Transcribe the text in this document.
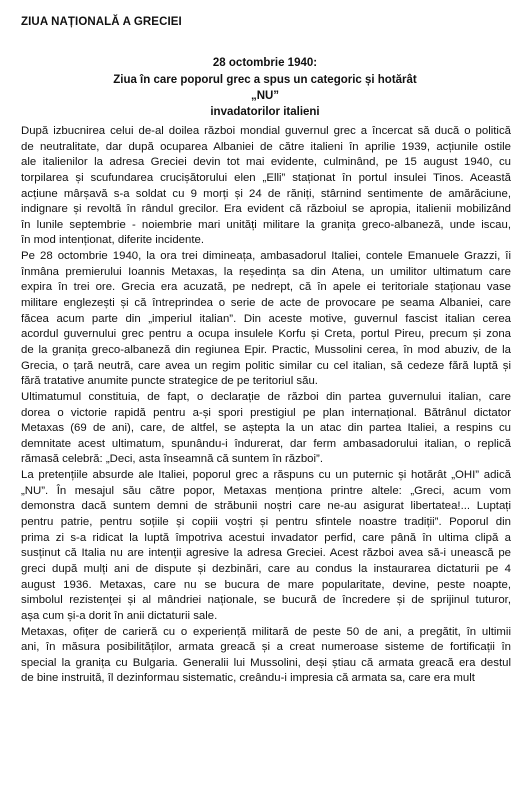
ZIUA NAȚIONALĂ A GRECIEI
28 octombrie 1940:
Ziua în care poporul grec a spus un categoric și hotărât
„NU”
invadatorilor italieni
După izbucnirea celui de-al doilea război mondial guvernul grec a încercat să ducă o politică
de neutralitate, dar după ocuparea Albaniei de către italieni în aprilie 1939, acțiunile ostile
ale italienilor la adresa Greciei devin tot mai evidente, culminând, pe 15 august 1940, cu
torpilarea și scufundarea crucișătorului elen „Elli” staționat în portul insulei Tinos. Această
acțiune mârșavă s-a soldat cu 9 morți și 24 de răniți, stârnind sentimente de amărăciune,
indignare și revoltă în rândul grecilor. Era evident că războiul se apropia, italienii mobilizând
în lunile septembrie - noiembrie mari unități militare la granița greco-albaneză, unde iscau,
în mod intenționat, diferite incidente.
Pe 28 octombrie 1940, la ora trei dimineața, ambasadorul Italiei, contele Emanuele Grazzi, îi
înmâna premierului Ioannis Metaxas, la reședința sa din Atena, un umilitor ultimatum care
expira în trei ore. Grecia era acuzată, pe nedrept, că în apele ei teritoriale staționau vase
militare englezești și că întreprindea o serie de acte de provocare pe seama Albaniei, care
făcea acum parte din „imperiul italian”. Din aceste motive, guvernul fascist italian cerea
acordul guvernului grec pentru a ocupa insulele Korfu și Creta, portul Pireu, precum și zona
de la granița greco-albaneză din regiunea Epir. Practic, Mussolini cerea, în mod abuziv, de la
Grecia, o țară neutră, care avea un regim politic similar cu cel italian, să cedeze fără luptă și
fără tratative anumite puncte strategice de pe teritoriul său.
Ultimatumul constituia, de fapt, o declarație de război din partea guvernului italian, care
dorea o victorie rapidă pentru a-și spori prestigiul pe plan internațional. Bătrânul dictator
Metaxas (69 de ani), care, de altfel, se aștepta la un atac din partea Italiei, a respins cu
demnitate acest ultimatum, spunându-i îndurerat, dar ferm ambasadorului italian, o replică
rămasă celebră: „Deci, asta înseamnă că suntem în război”.
La pretențiile absurde ale Italiei, poporul grec a răspuns cu un puternic și hotărât „OHI” adică
„NU”. În mesajul său către popor, Metaxas menționa printre altele: „Greci, acum vom
demonstra dacă suntem demni de străbunii noștri care ne-au asigurat libertatea!... Luptați
pentru patrie, pentru soțiile și copiii voștri și pentru sfintele noastre tradiții”. Poporul din
prima zi s-a ridicat la luptă împotriva acestui invadator perfid, care până în ultima clipă a
susținut că Italia nu are intenții agresive la adresa Greciei. Acest război avea să-i unească pe
greci după mulți ani de dispute și dezbinări, care au condus la instaurarea dictaturii pe 4
august 1936. Metaxas, care nu se bucura de mare popularitate, devine, peste noapte,
simbolul rezistenței și al mândriei naționale, se bucură de încredere și de sprijinul tuturor,
așa cum și-a dorit în anii dictaturii sale.
Metaxas, ofițer de carieră cu o experiență militară de peste 50 de ani, a pregătit, în ultimii
ani, în măsura posibilităților, armata greacă și a creat numeroase sisteme de fortificații în
special la granița cu Bulgaria. Generalii lui Mussolini, deși știau că armata greacă era destul
de bine instruită, îl dezinformau sistematic, creându-i impresia că armata sa, care era mult
